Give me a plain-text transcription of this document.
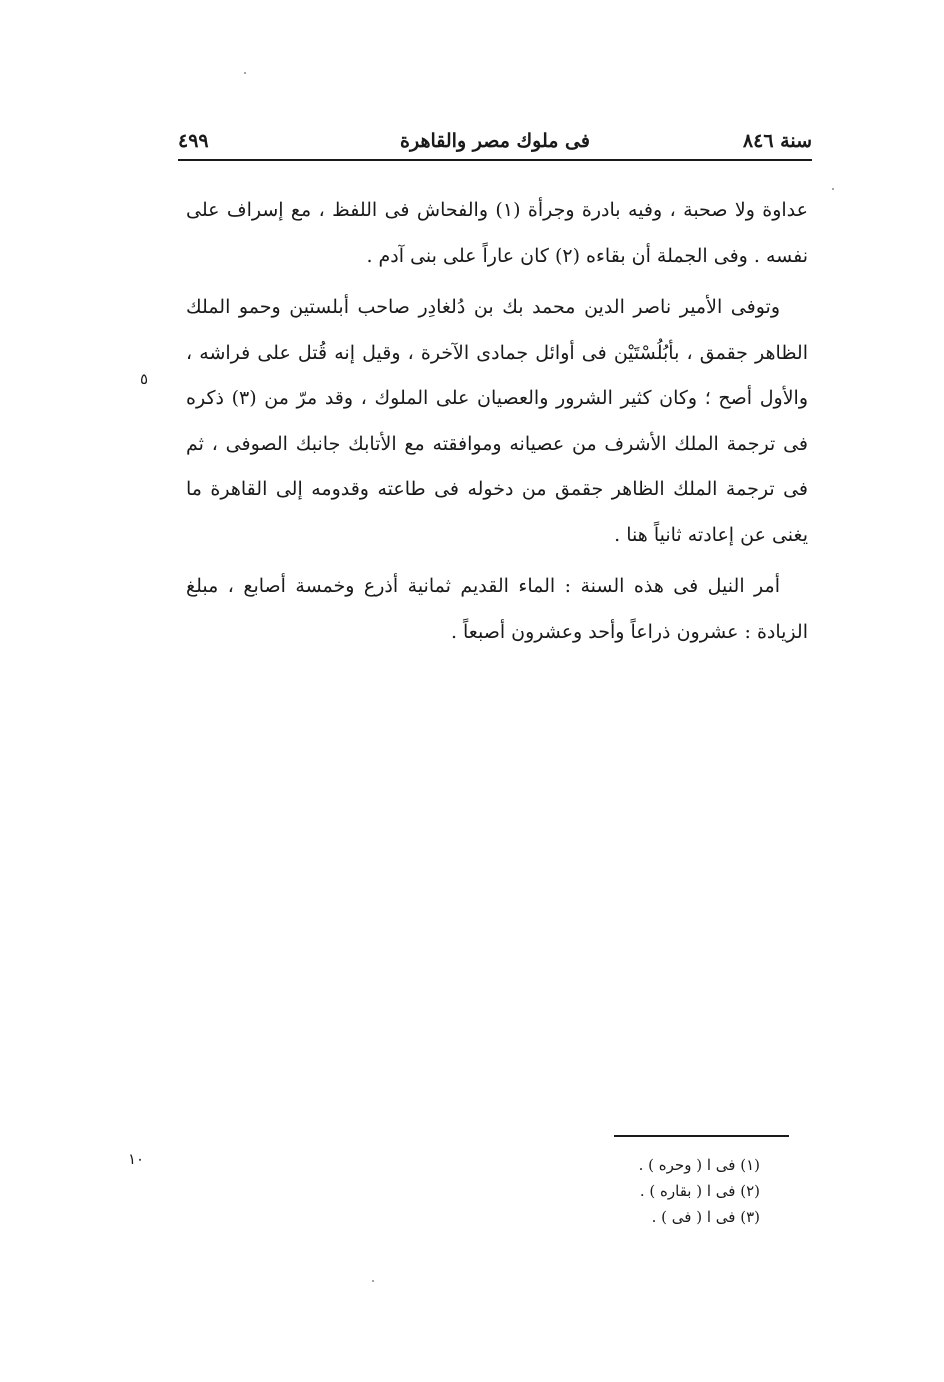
سنة ٨٤٦
فى ملوك مصر والقاهرة
٤٩٩

عداوة ولا صحبة ، وفيه بادرة وجرأة (١) والفحاش فى اللفظ ، مع إسراف على نفسه . وفى الجملة أن بقاءه (٢) كان عاراً على بنى آدم .

وتوفى الأمير ناصر الدين محمد بك بن دُلغادِر صاحب أبلستين وحمو الملك الظاهر جقمق ، بأبُلُسْتَيْن فى أوائل جمادى الآخرة ، وقيل إنه قُتل على فراشه ، والأول أصح ؛ وكان كثير الشرور والعصيان على الملوك ، وقد مرّ من (٣) ذكره فى ترجمة الملك الأشرف من عصيانه وموافقته مع الأتابك جانبك الصوفى ، ثم فى ترجمة الملك الظاهر جقمق من دخوله فى طاعته وقدومه إلى القاهرة ما يغنى عن إعادته ثانياً هنا .

أمر النيل فى هذه السنة : الماء القديم ثمانية أذرع وخمسة أصابع ، مبلغ الزيادة : عشرون ذراعاً وأحد وعشرون أصبعاً .

٥
١٠	(١) فى ا ( وحره ) .
(٢) فى ا ( بقاره ) .
(٣) فى ا ( فى ) .
